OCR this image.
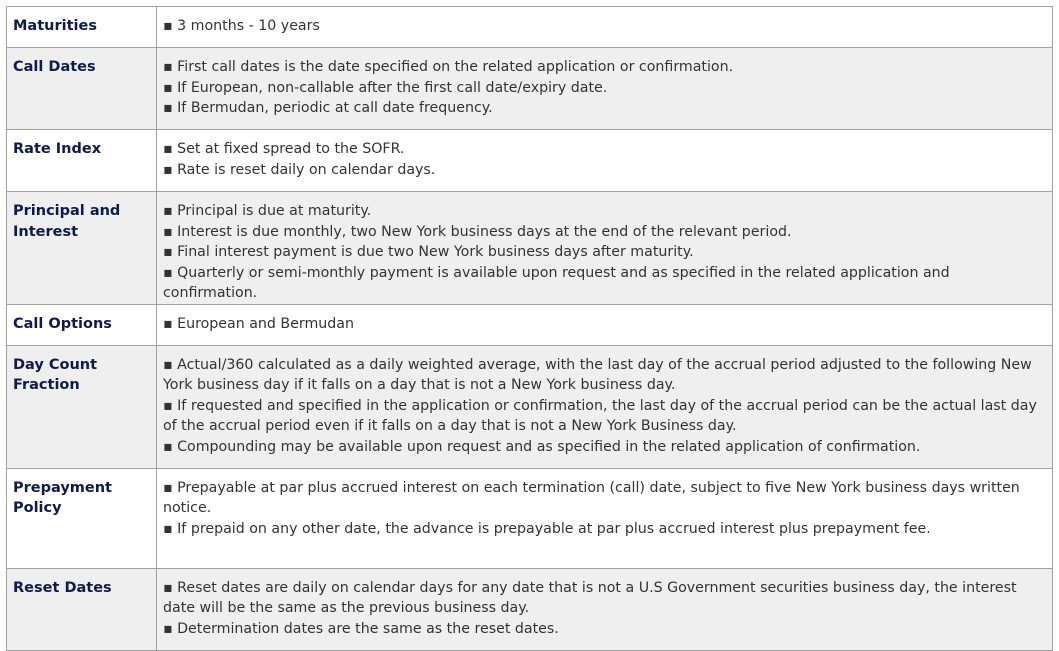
Maturities	▪ 3 months - 10 years

Call Dates	▪ First call dates is the date specified on the related application or confirmation.
▪ If European, non-callable after the first call date/expiry date.
▪ If Bermudan, periodic at call date frequency.

Rate Index	▪ Set at fixed spread to the SOFR.
▪ Rate is reset daily on calendar days.

Principal and Interest	▪ Principal is due at maturity.
▪ Interest is due monthly, two New York business days at the end of the relevant period.
▪ Final interest payment is due two New York business days after maturity.
▪ Quarterly or semi-monthly payment is available upon request and as specified in the related application and confirmation.

Call Options	▪ European and Bermudan

Day Count Fraction	▪ Actual/360 calculated as a daily weighted average, with the last day of the accrual period adjusted to the following New York business day if it falls on a day that is not a New York business day.
▪ If requested and specified in the application or confirmation, the last day of the accrual period can be the actual last day of the accrual period even if it falls on a day that is not a New York Business day.
▪ Compounding may be available upon request and as specified in the related application of confirmation.

Prepayment Policy	▪ Prepayable at par plus accrued interest on each termination (call) date, subject to five New York business days written notice.
▪ If prepaid on any other date, the advance is prepayable at par plus accrued interest plus prepayment fee.

Reset Dates	▪ Reset dates are daily on calendar days for any date that is not a U.S Government securities business day, the interest date will be the same as the previous business day.
▪ Determination dates are the same as the reset dates.
